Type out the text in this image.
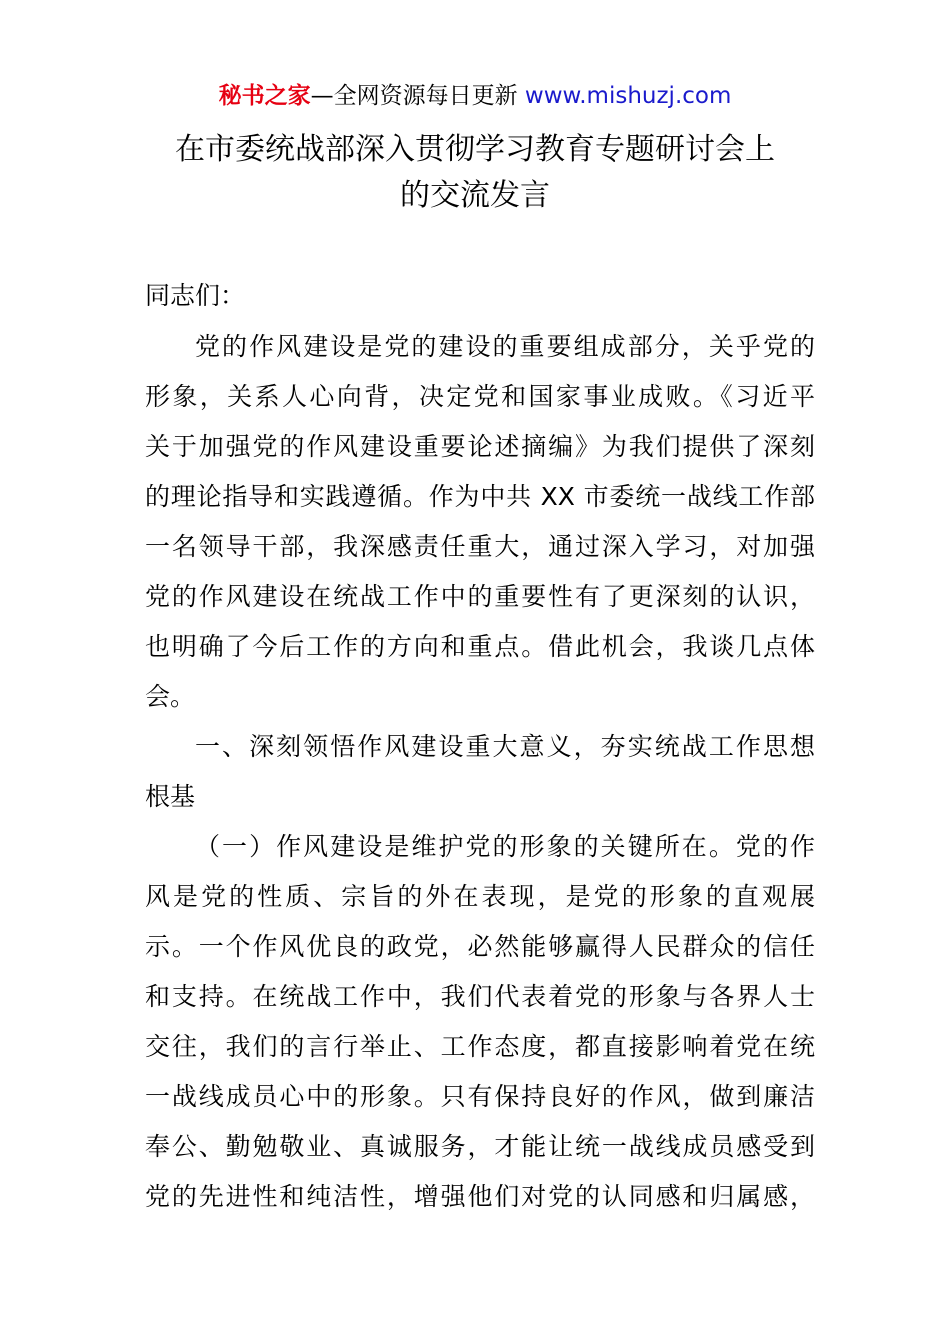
秘书之家—全网资源每日更新 www.mishuzj.com
在市委统战部深入贯彻学习教育专题研讨会上
的交流发言
同志们：
党的作风建设是党的建设的重要组成部分，关乎党的
形象，关系人心向背，决定党和国家事业成败。《习近平
关于加强党的作风建设重要论述摘编》为我们提供了深刻
的理论指导和实践遵循。作为中共 XX 市委统一战线工作部
一名领导干部，我深感责任重大，通过深入学习，对加强
党的作风建设在统战工作中的重要性有了更深刻的认识，
也明确了今后工作的方向和重点。借此机会，我谈几点体
会。
一、深刻领悟作风建设重大意义，夯实统战工作思想
根基
（一）作风建设是维护党的形象的关键所在。党的作
风是党的性质、宗旨的外在表现，是党的形象的直观展
示。一个作风优良的政党，必然能够赢得人民群众的信任
和支持。在统战工作中，我们代表着党的形象与各界人士
交往，我们的言行举止、工作态度，都直接影响着党在统
一战线成员心中的形象。只有保持良好的作风，做到廉洁
奉公、勤勉敬业、真诚服务，才能让统一战线成员感受到
党的先进性和纯洁性，增强他们对党的认同感和归属感，
